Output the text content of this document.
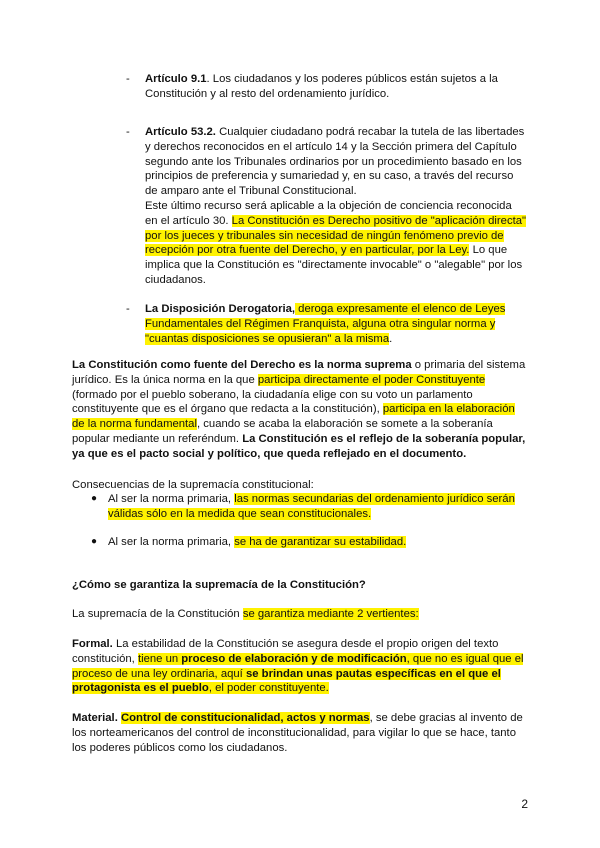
- Artículo 9.1. Los ciudadanos y los poderes públicos están sujetos a la Constitución y al resto del ordenamiento jurídico.

- Artículo 53.2. Cualquier ciudadano podrá recabar la tutela de las libertades y derechos reconocidos en el artículo 14 y la Sección primera del Capítulo segundo ante los Tribunales ordinarios por un procedimiento basado en los principios de preferencia y sumariedad y, en su caso, a través del recurso de amparo ante el Tribunal Constitucional.
Este último recurso será aplicable a la objeción de conciencia reconocida en el artículo 30. La Constitución es Derecho positivo de "aplicación directa" por los jueces y tribunales sin necesidad de ningún fenómeno previo de recepción por otra fuente del Derecho, y en particular, por la Ley. Lo que implica que la Constitución es "directamente invocable" o "alegable" por los ciudadanos.

- La Disposición Derogatoria, deroga expresamente el elenco de Leyes Fundamentales del Régimen Franquista, alguna otra singular norma y "cuantas disposiciones se opusieran" a la misma.

La Constitución como fuente del Derecho es la norma suprema o primaria del sistema jurídico. Es la única norma en la que participa directamente el poder Constituyente (formado por el pueblo soberano, la ciudadanía elige con su voto un parlamento constituyente que es el órgano que redacta a la constitución), participa en la elaboración de la norma fundamental, cuando se acaba la elaboración se somete a la soberanía popular mediante un referéndum. La Constitución es el reflejo de la soberanía popular, ya que es el pacto social y político, que queda reflejado en el documento.

Consecuencias de la supremacía constitucional:

● Al ser la norma primaria, las normas secundarias del ordenamiento jurídico serán válidas sólo en la medida que sean constitucionales.

● Al ser la norma primaria, se ha de garantizar su estabilidad.

¿Cómo se garantiza la supremacía de la Constitución?

La supremacía de la Constitución se garantiza mediante 2 vertientes:

Formal. La estabilidad de la Constitución se asegura desde el propio origen del texto constitución, tiene un proceso de elaboración y de modificación, que no es igual que el proceso de una ley ordinaria, aquí se brindan unas pautas específicas en el que el protagonista es el pueblo, el poder constituyente.

Material. Control de constitucionalidad, actos y normas, se debe gracias al invento de los norteamericanos del control de inconstitucionalidad, para vigilar lo que se hace, tanto los poderes públicos como los ciudadanos.

2
